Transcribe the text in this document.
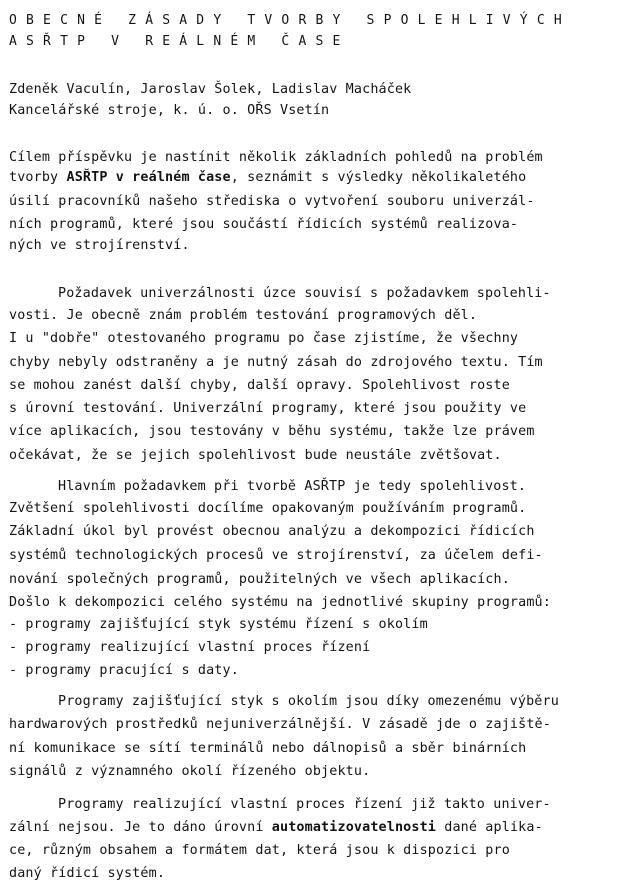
OBECNÉ ZÁSADY TVORBY SPOLEHLIVÝCH
ASŘTP V REÁLNÉM ČASE
Zdeněk Vaculín, Jaroslav Šolek, Ladislav Macháček
Kancelářské stroje, k. ú. o. OŘS Vsetín
Cílem příspěvku je nastínit několik základních pohledů na problém
tvorby ASŘTP v reálném čase, seznámit s výsledky několikaletého
úsilí pracovníků našeho střediska o vytvoření souboru univerzál-
ních programů, které jsou součástí řídicích systémů realizova-
ných ve strojírenství.
Požadavek univerzálnosti úzce souvisí s požadavkem spolehli-
vosti. Je obecně znám problém testování programových děl.
I u "dobře" otestovaného programu po čase zjistíme, že všechny
chyby nebyly odstraněny a je nutný zásah do zdrojového textu. Tím
se mohou zanést další chyby, další opravy. Spolehlivost roste
s úrovní testování. Univerzální programy, které jsou použity ve
více aplikacích, jsou testovány v běhu systému, takže lze právem
očekávat, že se jejich spolehlivost bude neustále zvětšovat.
Hlavním požadavkem při tvorbě ASŘTP je tedy spolehlivost.
Zvětšení spolehlivosti docílíme opakovaným používáním programů.
Základní úkol byl provést obecnou analýzu a dekompozici řídicích
systémů technologických procesů ve strojírenství, za účelem defi-
nování společných programů, použitelných ve všech aplikacích.
Došlo k dekompozici celého systému na jednotlivé skupiny programů:
- programy zajišťující styk systému řízení s okolím
- programy realizující vlastní proces řízení
- programy pracující s daty.
Programy zajišťující styk s okolím jsou díky omezenému výběru
hardwarových prostředků nejuniverzálnější. V zásadě jde o zajiště-
ní komunikace se sítí terminálů nebo dálnopisů a sběr binárních
signálů z významného okolí řízeného objektu.
Programy realizující vlastní proces řízení již takto univer-
zální nejsou. Je to dáno úrovní automatizovatelnosti dané aplika-
ce, různým obsahem a formátem dat, která jsou k dispozici pro
daný řídicí systém.
